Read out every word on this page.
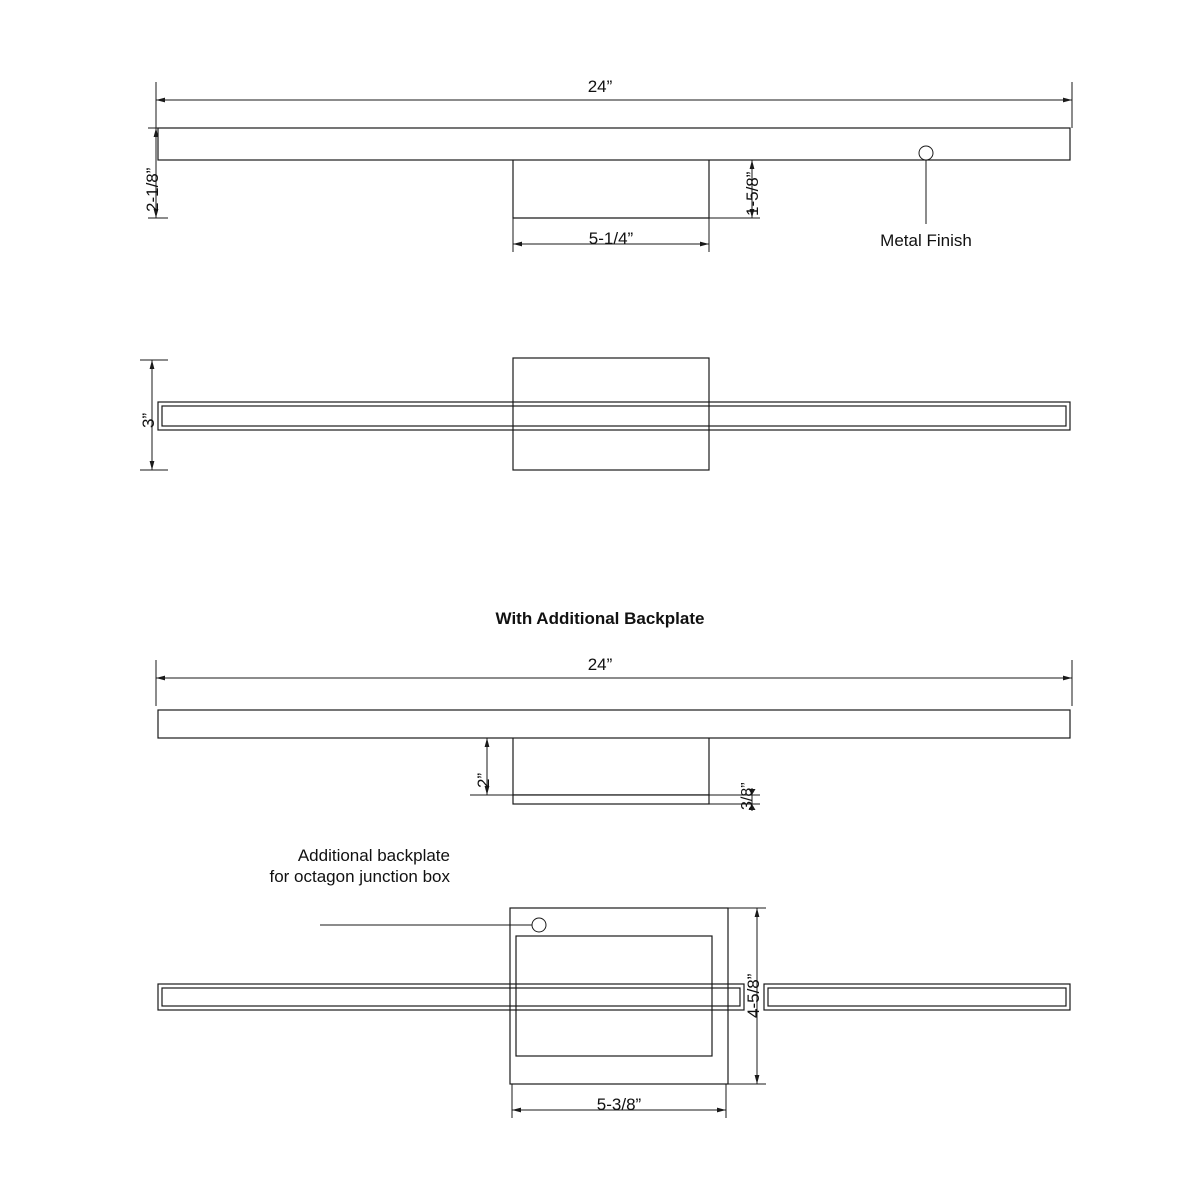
24”
2-1/8”	1-5/8”
5-1/4”	Metal Finish
3”
With Additional Backplate
24”
2”
3/8”
4-5/8”
5-3/8”
Additional backplate
for octagon junction box
